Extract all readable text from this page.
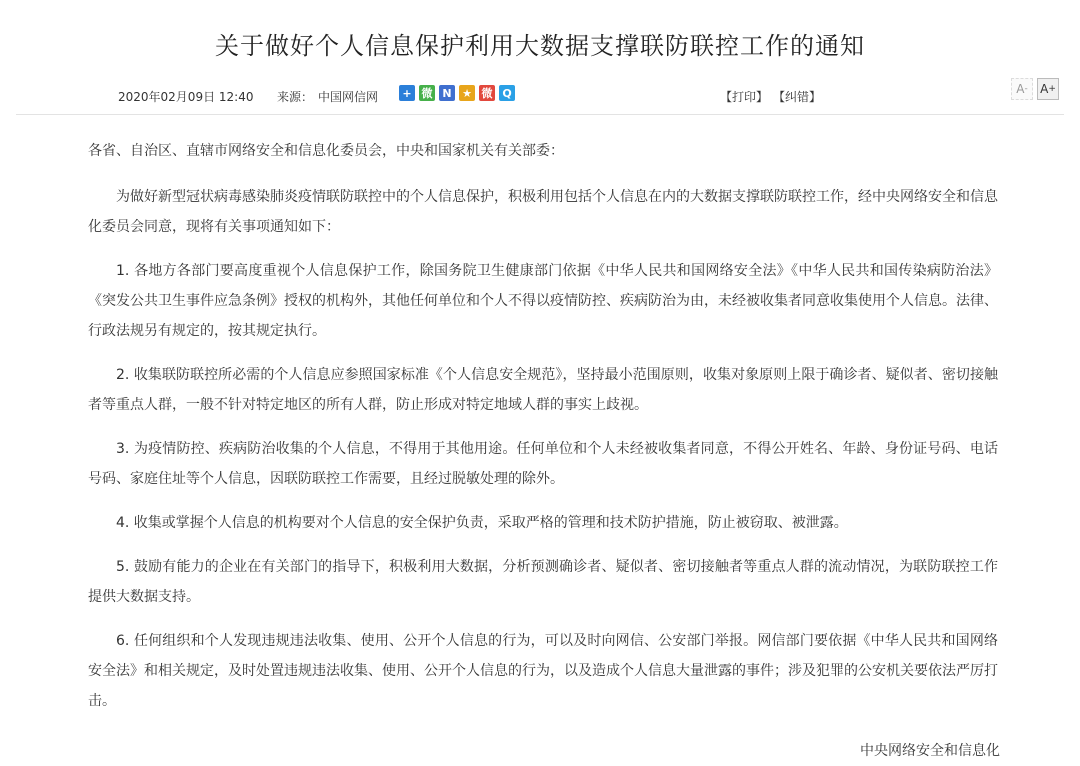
关于做好个人信息保护利用大数据支撑联防联控工作的通知
2020年02月09日 12:40 来源： 中国网信网	+ 微 N ★ 微 Q	【打印】 【纠错】
A - A +

各省、自治区、直辖市网络安全和信息化委员会，中央和国家机关有关部委：

为做好新型冠状病毒感染肺炎疫情联防联控中的个人信息保护，积极利用包括个人信息在内的大数据支撑联防联控工作，经中央网络安全和信息化委员会同意，现将有关事项通知如下：

1. 各地方各部门要高度重视个人信息保护工作，除国务院卫生健康部门依据《中华人民共和国网络安全法》《中华人民共和国传染病防治法》《突发公共卫生事件应急条例》授权的机构外，其他任何单位和个人不得以疫情防控、疾病防治为由，未经被收集者同意收集使用个人信息。法律、行政法规另有规定的，按其规定执行。

2. 收集联防联控所必需的个人信息应参照国家标准《个人信息安全规范》，坚持最小范围原则，收集对象原则上限于确诊者、疑似者、密切接触者等重点人群，一般不针对特定地区的所有人群，防止形成对特定地域人群的事实上歧视。

3. 为疫情防控、疾病防治收集的个人信息，不得用于其他用途。任何单位和个人未经被收集者同意，不得公开姓名、年龄、身份证号码、电话号码、家庭住址等个人信息，因联防联控工作需要，且经过脱敏处理的除外。

4. 收集或掌握个人信息的机构要对个人信息的安全保护负责，采取严格的管理和技术防护措施，防止被窃取、被泄露。

5. 鼓励有能力的企业在有关部门的指导下，积极利用大数据，分析预测确诊者、疑似者、密切接触者等重点人群的流动情况，为联防联控工作提供大数据支持。

6. 任何组织和个人发现违规违法收集、使用、公开个人信息的行为，可以及时向网信、公安部门举报。网信部门要依据《中华人民共和国网络安全法》和相关规定，及时处置违规违法收集、使用、公开个人信息的行为，以及造成个人信息大量泄露的事件；涉及犯罪的公安机关要依法严厉打击。

中央网络安全和信息化
